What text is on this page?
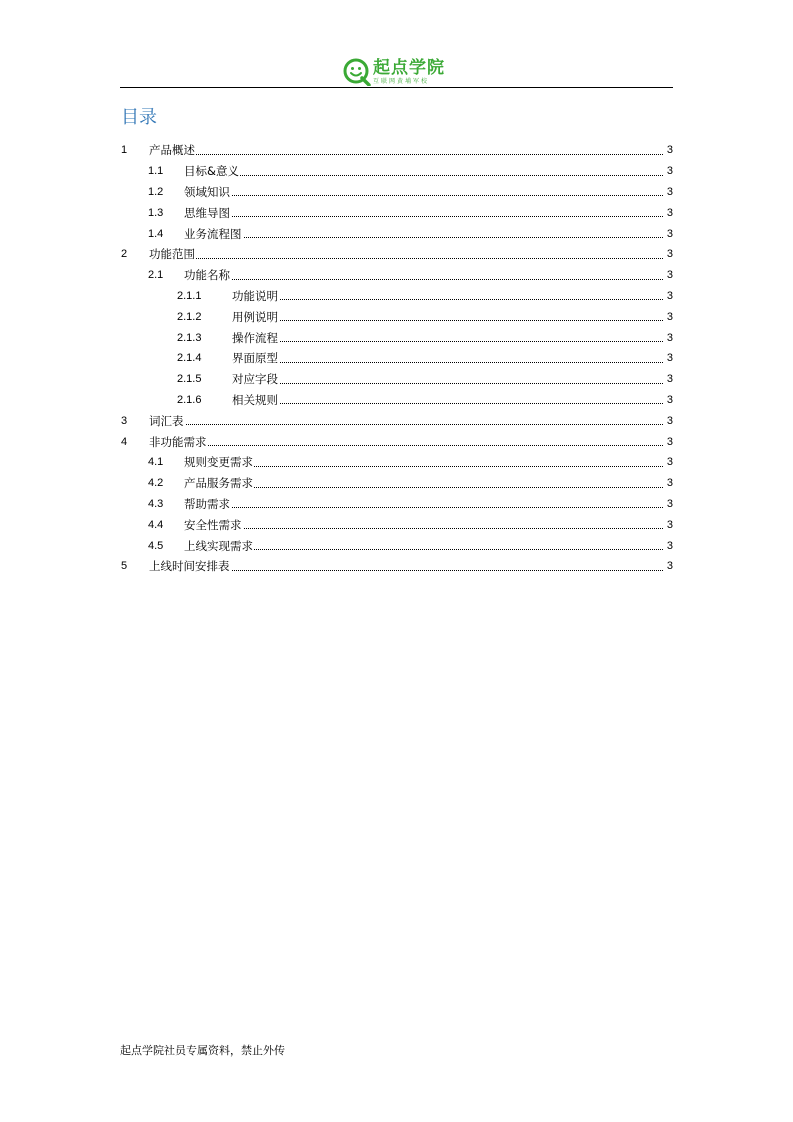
起点学院
互联网黄埔军校
目录
1 产品概述	3
1.1 目标&意义	3
1.2 领域知识	3
1.3 思维导图	3
1.4 业务流程图	3
2 功能范围	3
2.1 功能名称	3
2.1.1	功能说明	3
2.1.2	用例说明	3
2.1.3	操作流程	3
2.1.4	界面原型	3
2.1.5	对应字段	3
2.1.6	相关规则	3
3 词汇表	3
4 非功能需求	3
4.1 规则变更需求	3
4.2 产品服务需求	3
4.3 帮助需求	3
4.4 安全性需求	3
4.5 上线实现需求	3
5 上线时间安排表	3
起点学院社员专属资料，禁止外传
